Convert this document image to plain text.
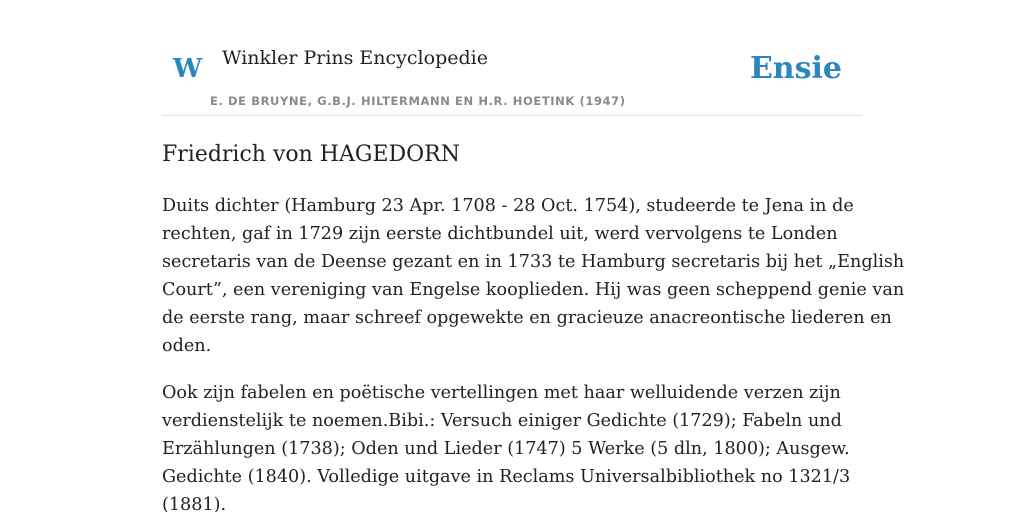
W Winkler Prins Encyclopedie
E. DE BRUYNE, G.B.J. HILTERMANN EN H.R. HOETINK (1947)
Ensie
Friedrich von HAGEDORN

Duits dichter (Hamburg 23 Apr. 1708 - 28 Oct. 1754), studeerde te Jena in de
rechten, gaf in 1729 zijn eerste dichtbundel uit, werd vervolgens te Londen
secretaris van de Deense gezant en in 1733 te Hamburg secretaris bij het „English
Court”, een vereniging van Engelse kooplieden. Hij was geen scheppend genie van
de eerste rang, maar schreef opgewekte en gracieuze anacreontische liederen en
oden.

Ook zijn fabelen en poëtische vertellingen met haar welluidende verzen zijn
verdienstelijk te noemen.Bibi.: Versuch einiger Gedichte (1729); Fabeln und
Erzählungen (1738); Oden und Lieder (1747) 5 Werke (5 dln, 1800); Ausgew.
Gedichte (1840). Volledige uitgave in Reclams Universalbibliothek no 1321/3
(1881).
